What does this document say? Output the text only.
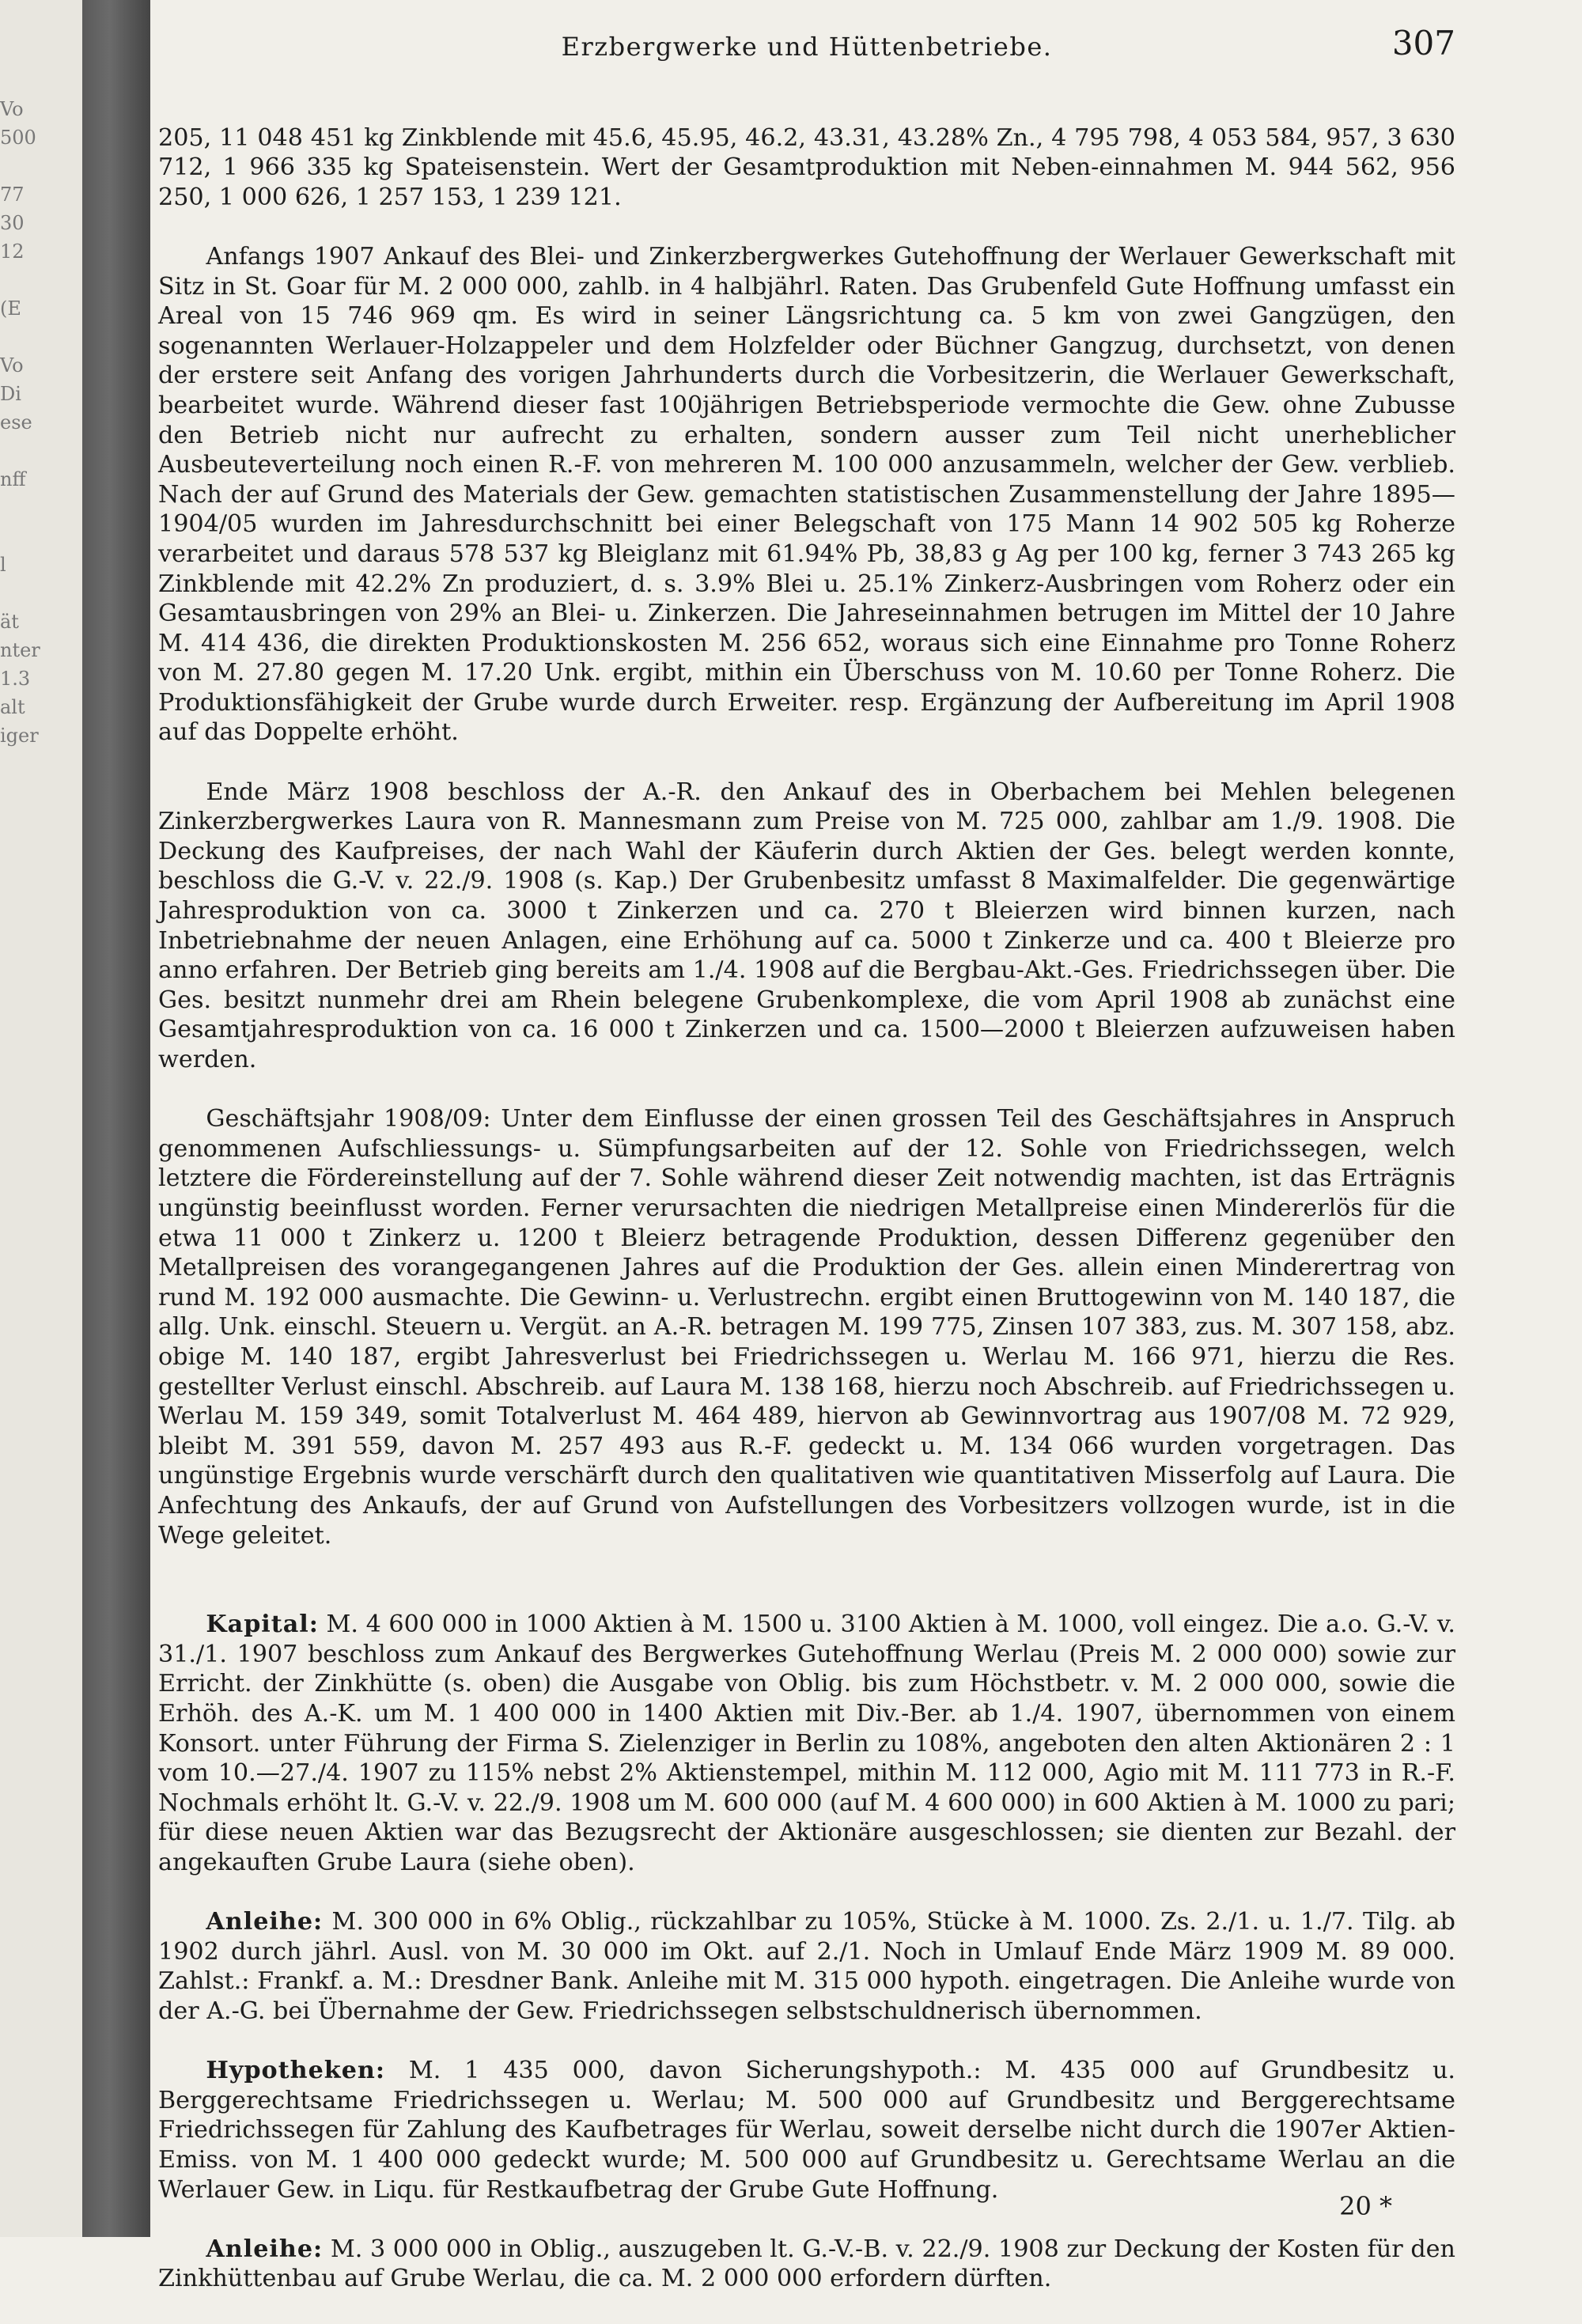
Vo
500

77
30
12

(E

Vo
Di
ese

nff

l

ät
nter
1.3
alt
iger
Erzbergwerke und Hüttenbetriebe.	307

205, 11 048 451 kg Zinkblende mit 45.6, 45.95, 46.2, 43.31, 43.28% Zn., 4 795 798, 4 053 584, 957, 3 630 712, 1 966 335 kg Spateisenstein. Wert der Gesamtproduktion mit Neben-einnahmen M. 944 562, 956 250, 1 000 626, 1 257 153, 1 239 121.

Anfangs 1907 Ankauf des Blei- und Zinkerzbergwerkes Gutehoffnung der Werlauer Gewerkschaft mit Sitz in St. Goar für M. 2 000 000, zahlb. in 4 halbjährl. Raten. Das Grubenfeld Gute Hoffnung umfasst ein Areal von 15 746 969 qm. Es wird in seiner Längsrichtung ca. 5 km von zwei Gangzügen, den sogenannten Werlauer-Holzappeler und dem Holzfelder oder Büchner Gangzug, durchsetzt, von denen der erstere seit Anfang des vorigen Jahrhunderts durch die Vorbesitzerin, die Werlauer Gewerkschaft, bearbeitet wurde. Während dieser fast 100jährigen Betriebsperiode vermochte die Gew. ohne Zubusse den Betrieb nicht nur aufrecht zu erhalten, sondern ausser zum Teil nicht unerheblicher Ausbeuteverteilung noch einen R.-F. von mehreren M. 100 000 anzusammeln, welcher der Gew. verblieb. Nach der auf Grund des Materials der Gew. gemachten statistischen Zusammenstellung der Jahre 1895—1904/05 wurden im Jahresdurchschnitt bei einer Belegschaft von 175 Mann 14 902 505 kg Roherze verarbeitet und daraus 578 537 kg Bleiglanz mit 61.94% Pb, 38,83 g Ag per 100 kg, ferner 3 743 265 kg Zinkblende mit 42.2% Zn produziert, d. s. 3.9% Blei u. 25.1% Zinkerz-Ausbringen vom Roherz oder ein Gesamtausbringen von 29% an Blei- u. Zinkerzen. Die Jahreseinnahmen betrugen im Mittel der 10 Jahre M. 414 436, die direkten Produktionskosten M. 256 652, woraus sich eine Einnahme pro Tonne Roherz von M. 27.80 gegen M. 17.20 Unk. ergibt, mithin ein Überschuss von M. 10.60 per Tonne Roherz. Die Produktionsfähigkeit der Grube wurde durch Erweiter. resp. Ergänzung der Aufbereitung im April 1908 auf das Doppelte erhöht.

Ende März 1908 beschloss der A.-R. den Ankauf des in Oberbachem bei Mehlen belegenen Zinkerzbergwerkes Laura von R. Mannesmann zum Preise von M. 725 000, zahlbar am 1./9. 1908. Die Deckung des Kaufpreises, der nach Wahl der Käuferin durch Aktien der Ges. belegt werden konnte, beschloss die G.-V. v. 22./9. 1908 (s. Kap.) Der Grubenbesitz umfasst 8 Maximalfelder. Die gegenwärtige Jahresproduktion von ca. 3000 t Zinkerzen und ca. 270 t Bleierzen wird binnen kurzen, nach Inbetriebnahme der neuen Anlagen, eine Erhöhung auf ca. 5000 t Zinkerze und ca. 400 t Bleierze pro anno erfahren. Der Betrieb ging bereits am 1./4. 1908 auf die Bergbau-Akt.-Ges. Friedrichssegen über. Die Ges. besitzt nunmehr drei am Rhein belegene Grubenkomplexe, die vom April 1908 ab zunächst eine Gesamtjahresproduktion von ca. 16 000 t Zinkerzen und ca. 1500—2000 t Bleierzen aufzuweisen haben werden.

Geschäftsjahr 1908/09: Unter dem Einflusse der einen grossen Teil des Geschäftsjahres in Anspruch genommenen Aufschliessungs- u. Sümpfungsarbeiten auf der 12. Sohle von Friedrichssegen, welch letztere die Fördereinstellung auf der 7. Sohle während dieser Zeit notwendig machten, ist das Erträgnis ungünstig beeinflusst worden. Ferner verursachten die niedrigen Metallpreise einen Mindererlös für die etwa 11 000 t Zinkerz u. 1200 t Bleierz betragende Produktion, dessen Differenz gegenüber den Metallpreisen des vorangegangenen Jahres auf die Produktion der Ges. allein einen Minderertrag von rund M. 192 000 ausmachte. Die Gewinn- u. Verlustrechn. ergibt einen Bruttogewinn von M. 140 187, die allg. Unk. einschl. Steuern u. Vergüt. an A.-R. betragen M. 199 775, Zinsen 107 383, zus. M. 307 158, abz. obige M. 140 187, ergibt Jahresverlust bei Friedrichssegen u. Werlau M. 166 971, hierzu die Res. gestellter Verlust einschl. Abschreib. auf Laura M. 138 168, hierzu noch Abschreib. auf Friedrichssegen u. Werlau M. 159 349, somit Totalverlust M. 464 489, hiervon ab Gewinnvortrag aus 1907/08 M. 72 929, bleibt M. 391 559, davon M. 257 493 aus R.-F. gedeckt u. M. 134 066 wurden vorgetragen. Das ungünstige Ergebnis wurde verschärft durch den qualitativen wie quantitativen Misserfolg auf Laura. Die Anfechtung des Ankaufs, der auf Grund von Aufstellungen des Vorbesitzers vollzogen wurde, ist in die Wege geleitet.

Kapital: M. 4 600 000 in 1000 Aktien à M. 1500 u. 3100 Aktien à M. 1000, voll eingez. Die a.o. G.-V. v. 31./1. 1907 beschloss zum Ankauf des Bergwerkes Gutehoffnung Werlau (Preis M. 2 000 000) sowie zur Erricht. der Zinkhütte (s. oben) die Ausgabe von Oblig. bis zum Höchstbetr. v. M. 2 000 000, sowie die Erhöh. des A.-K. um M. 1 400 000 in 1400 Aktien mit Div.-Ber. ab 1./4. 1907, übernommen von einem Konsort. unter Führung der Firma S. Zielenziger in Berlin zu 108%, angeboten den alten Aktionären 2 : 1 vom 10.—27./4. 1907 zu 115% nebst 2% Aktienstempel, mithin M. 112 000, Agio mit M. 111 773 in R.-F. Nochmals erhöht lt. G.-V. v. 22./9. 1908 um M. 600 000 (auf M. 4 600 000) in 600 Aktien à M. 1000 zu pari; für diese neuen Aktien war das Bezugsrecht der Aktionäre ausgeschlossen; sie dienten zur Bezahl. der angekauften Grube Laura (siehe oben).

Anleihe: M. 300 000 in 6% Oblig., rückzahlbar zu 105%, Stücke à M. 1000. Zs. 2./1. u. 1./7. Tilg. ab 1902 durch jährl. Ausl. von M. 30 000 im Okt. auf 2./1. Noch in Umlauf Ende März 1909 M. 89 000. Zahlst.: Frankf. a. M.: Dresdner Bank. Anleihe mit M. 315 000 hypoth. eingetragen. Die Anleihe wurde von der A.-G. bei Übernahme der Gew. Friedrichssegen selbstschuldnerisch übernommen.

Hypotheken: M. 1 435 000, davon Sicherungshypoth.: M. 435 000 auf Grundbesitz u. Berggerechtsame Friedrichssegen u. Werlau; M. 500 000 auf Grundbesitz und Berggerechtsame Friedrichssegen für Zahlung des Kaufbetrages für Werlau, soweit derselbe nicht durch die 1907er Aktien-Emiss. von M. 1 400 000 gedeckt wurde; M. 500 000 auf Grundbesitz u. Gerechtsame Werlau an die Werlauer Gew. in Liqu. für Restkaufbetrag der Grube Gute Hoffnung.

Anleihe: M. 3 000 000 in Oblig., auszugeben lt. G.-V.-B. v. 22./9. 1908 zur Deckung der Kosten für den Zinkhüttenbau auf Grube Werlau, die ca. M. 2 000 000 erfordern dürften.

20 *
